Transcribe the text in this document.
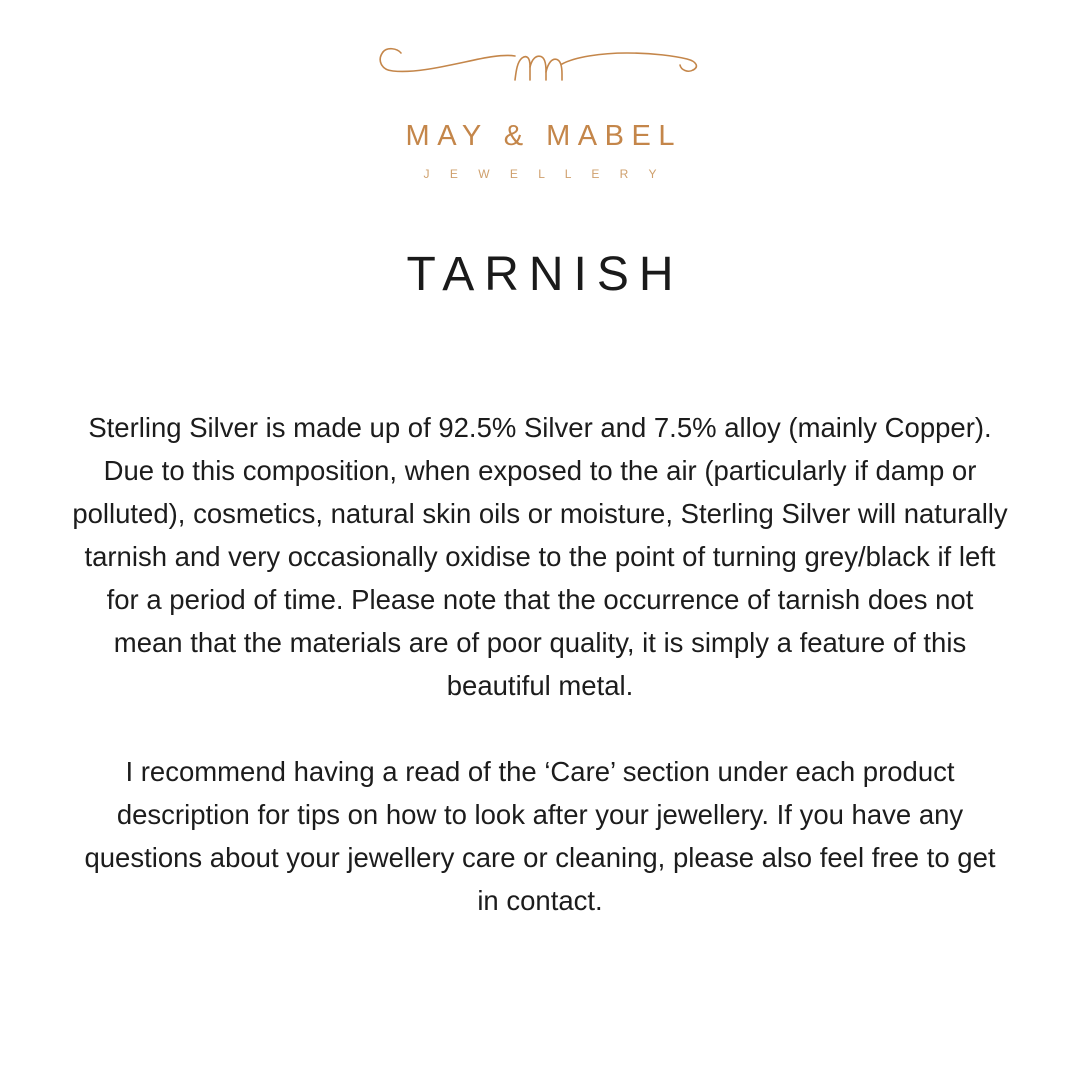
MAY & MABEL
J E W E L L E R Y
TARNISH

Sterling Silver is made up of 92.5% Silver and 7.5% alloy (mainly Copper). Due to this composition, when exposed to the air (particularly if damp or polluted), cosmetics, natural skin oils or moisture, Sterling Silver will naturally tarnish and very occasionally oxidise to the point of turning grey/black if left for a period of time. Please note that the occurrence of tarnish does not mean that the materials are of poor quality, it is simply a feature of this beautiful metal.

I recommend having a read of the ‘Care’ section under each product description for tips on how to look after your jewellery. If you have any questions about your jewellery care or cleaning, please also feel free to get in contact.
